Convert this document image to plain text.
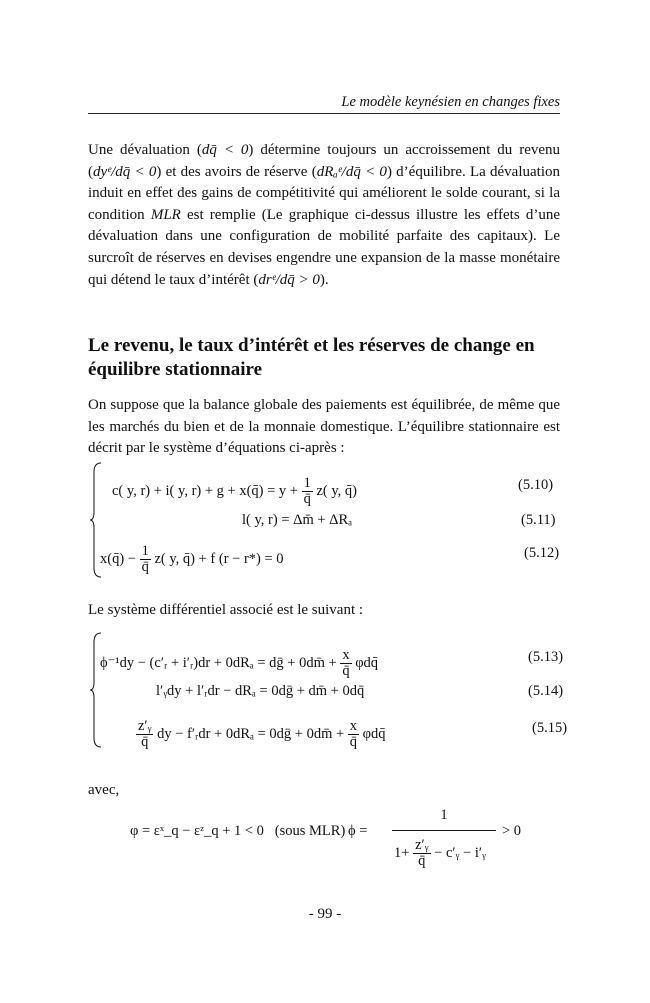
Le modèle keynésien en changes fixes

Une dévaluation (dq̄ < 0) détermine toujours un accroissement du revenu (dyᵉ/dq̄ < 0) et des avoirs de réserve (dRₐᵉ/dq̄ < 0) d’équilibre. La dévaluation induit en effet des gains de compétitivité qui améliorent le solde courant, si la condition MLR est remplie (Le graphique ci-dessus illustre les effets d’une dévaluation dans une configuration de mobilité parfaite des capitaux). Le surcroît de réserves en devises engendre une expansion de la masse monétaire qui détend le taux d’intérêt (drᵉ/dq̄ > 0).

Le revenu, le taux d’intérêt et les réserves de change en équilibre stationnaire

On suppose que la balance globale des paiements est équilibrée, de même que les marchés du bien et de la monnaie domestique. L’équilibre stationnaire est décrit par le système d’équations ci-après :

c( y, r) + i( y, r) + g + x(q̄) = $y + \frac{1}{q̄} z$( y, q̄)	(5.10)
l( y, r) = Δm̄ + ΔRₐ	(5.11)
x(q̄) − $\frac{1}{q̄} z$( y, q̄) + f (r − r*) = 0	(5.12)

Le système différentiel associé est le suivant :

ϕ⁻¹dy − (c′ᵣ + i′ᵣ)dr + 0dRₐ = dḡ + 0dm̄ + $\frac{x}{q̄}$ φdq̄	(5.13)
l′ᵧdy + l′ᵣdr − dRₐ = 0dḡ + dm̄ + 0dq̄	(5.14)
$\frac{\text{z′ᵧ}}{q̄}$ dy − f′ᵣdr + 0dRₐ = 0dḡ + 0dm̄ + $\frac{x}{q̄}$ φdq̄	(5.15)

avec,

φ = εˣ_q − εᶻ_q + 1 < 0 (sous MLR) ϕ =
1
$1+ \frac{\text{z′ᵧ}}{q̄}$ − c′ᵧ − i′ᵧ
> 0
- 99 -
